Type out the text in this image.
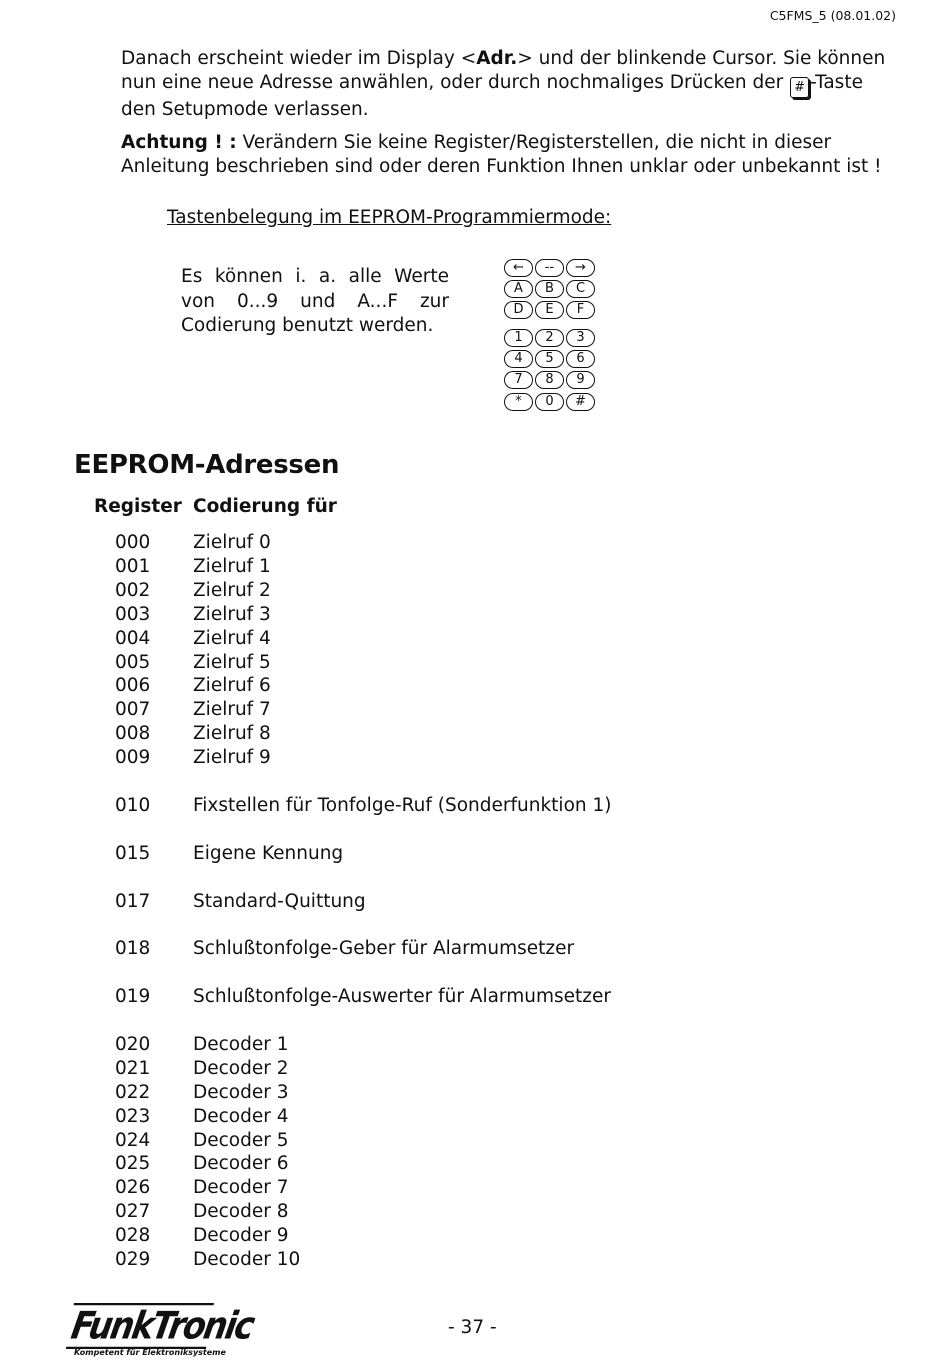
C5FMS_5 (08.01.02)
Danach erscheint wieder im Display <Adr.> und der blinkende Cursor. Sie können nun eine neue Adresse anwählen, oder durch nochmaliges Drücken der # -Taste den Setupmode verlassen.
Achtung ! : Verändern Sie keine Register/Registerstellen, die nicht in dieser Anleitung beschrieben sind oder deren Funktion Ihnen unklar oder unbekannt ist !
Tastenbelegung im EEPROM-Programmiermode:
Es können i. a. alle Werte von 0...9 und A...F zur Codierung benutzt werden.
←	--	→
A	B	C
D	E	F
1	2	3
4	5	6
7	8	9
*	0	#
EEPROM-Adressen
Register Codierung für
000 Zielruf 0
001 Zielruf 1
002 Zielruf 2
003 Zielruf 3
004 Zielruf 4
005 Zielruf 5
006 Zielruf 6
007 Zielruf 7
008 Zielruf 8
009 Zielruf 9
010 Fixstellen für Tonfolge-Ruf (Sonderfunktion 1)
015 Eigene Kennung
017 Standard-Quittung
018 Schlußtonfolge-Geber für Alarmumsetzer
019 Schlußtonfolge-Auswerter für Alarmumsetzer
020 Decoder 1
021 Decoder 2
022 Decoder 3
023 Decoder 4
024 Decoder 5
025 Decoder 6
026 Decoder 7
027 Decoder 8
028 Decoder 9
029 Decoder 10
FunkTronic
Kompetent für Elektroniksysteme
- 37 -
